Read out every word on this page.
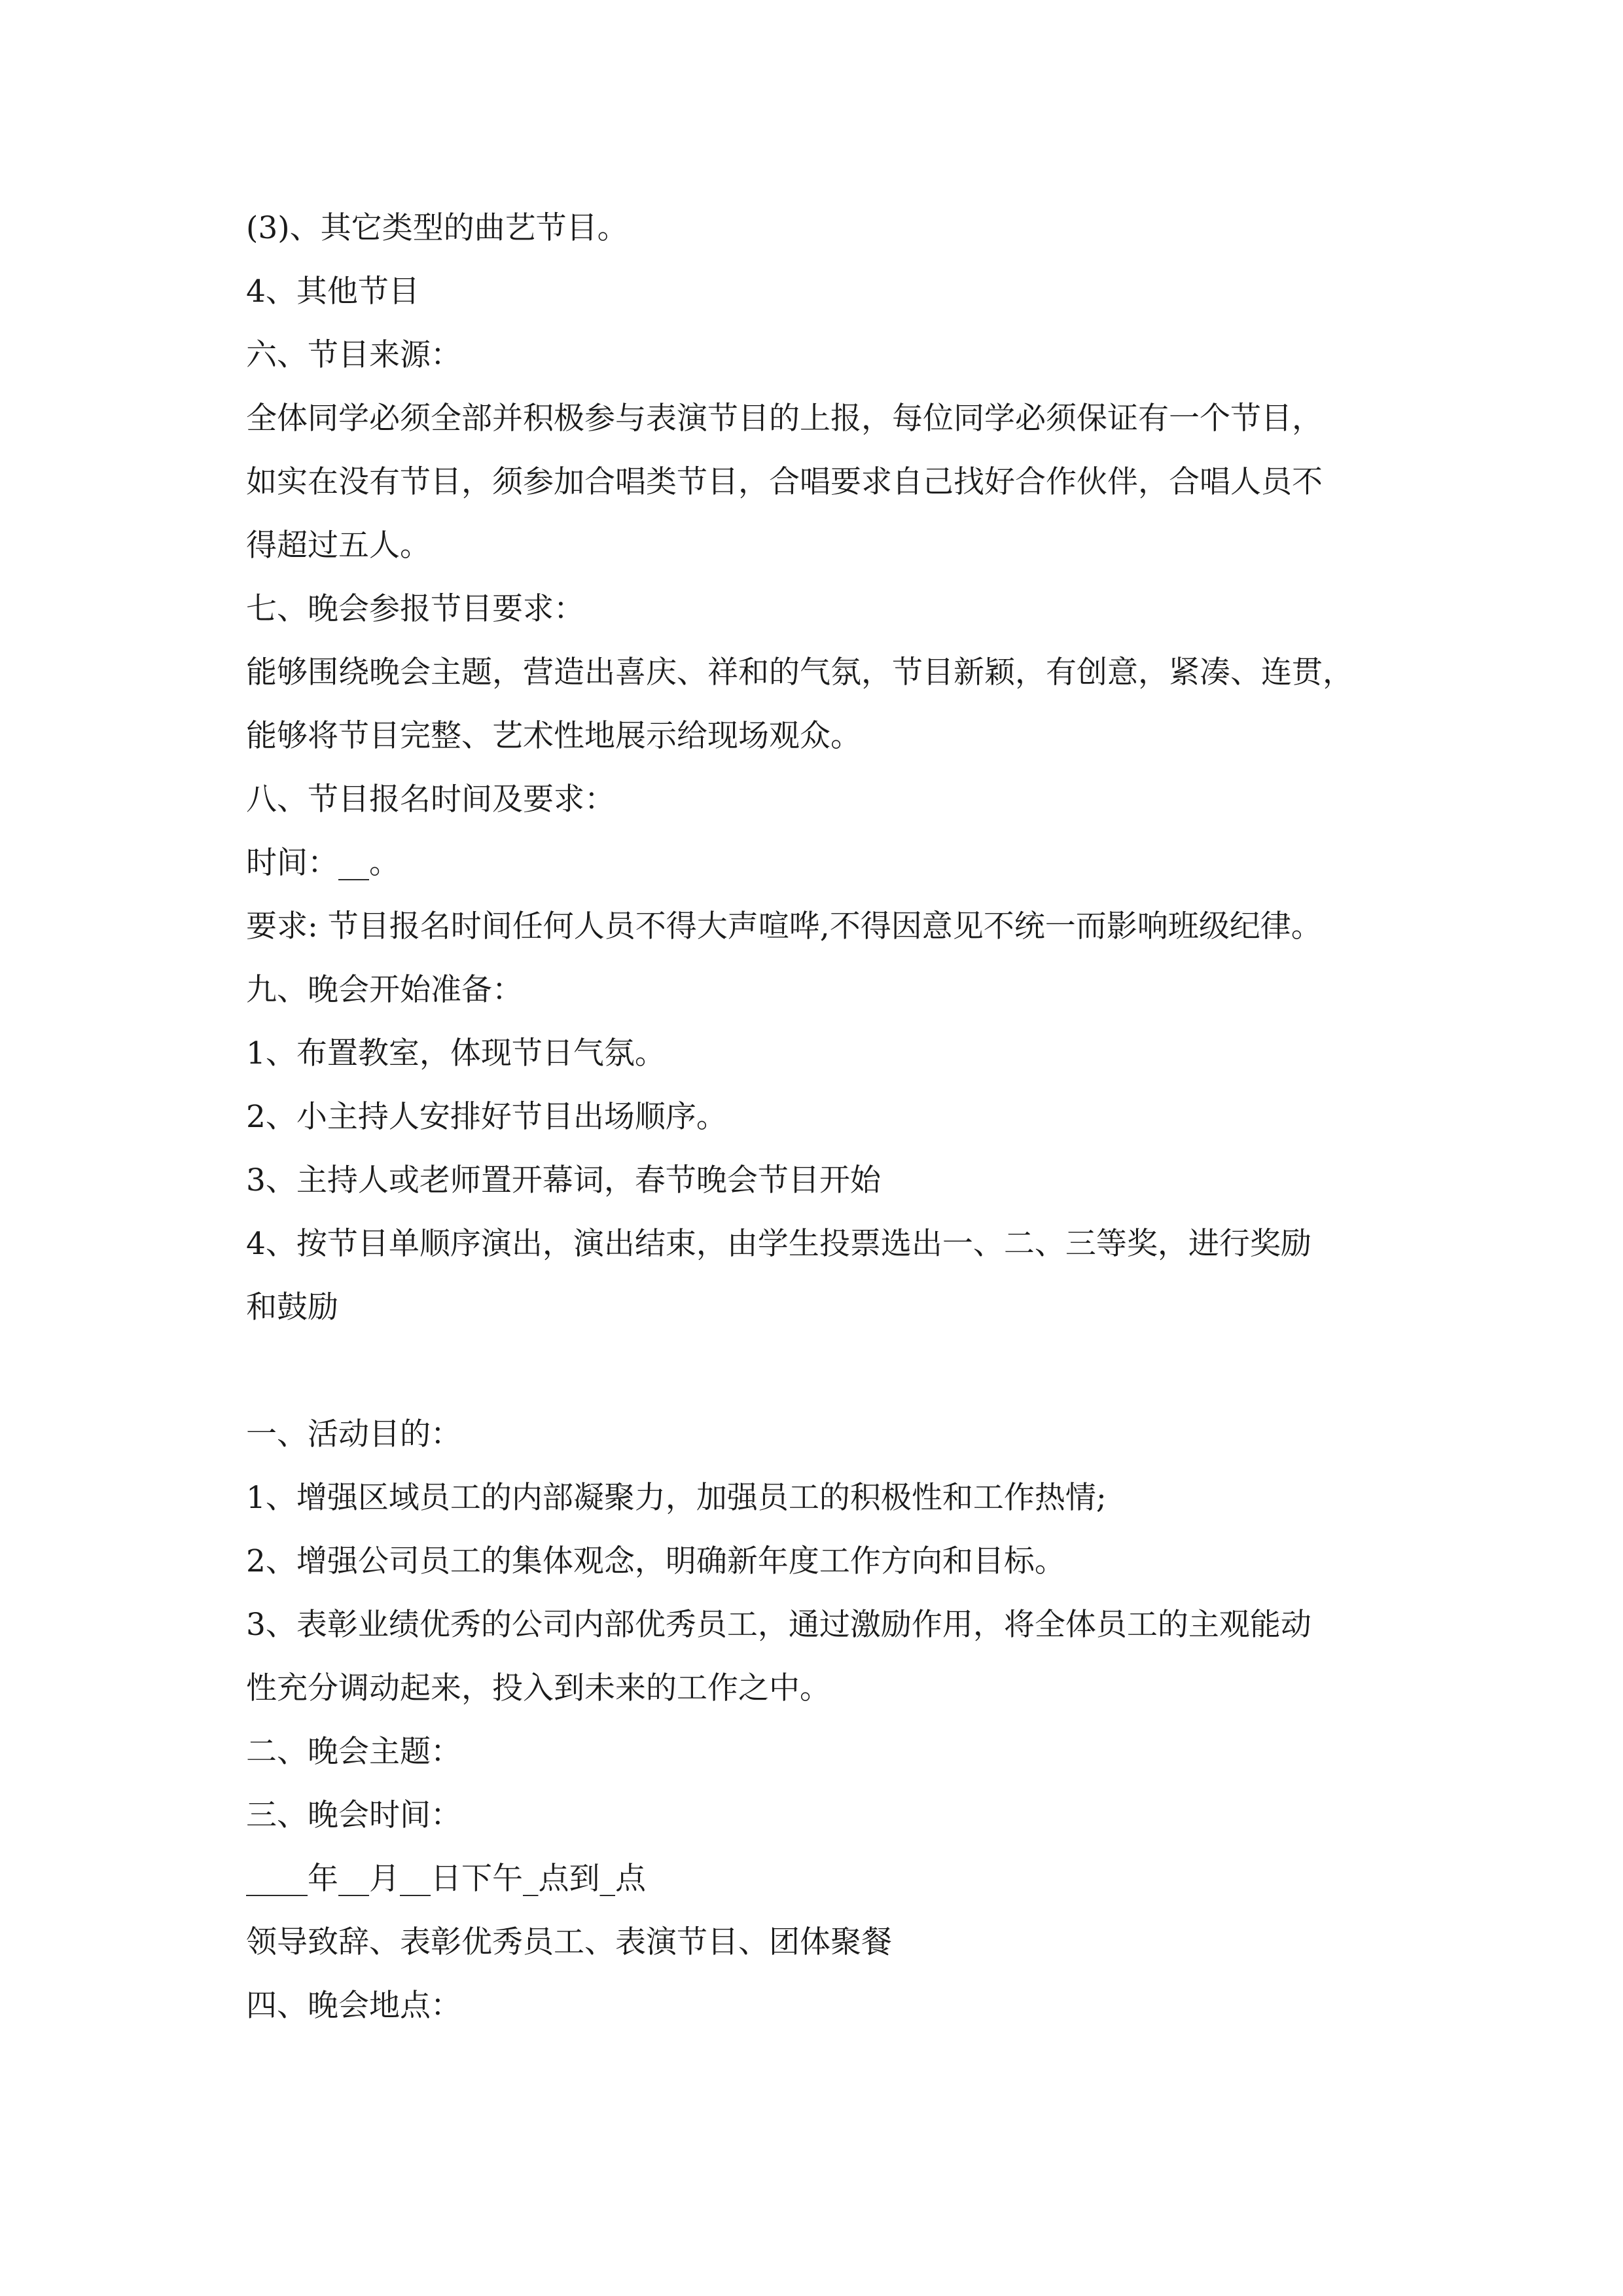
(3)、其它类型的曲艺节目。
4、其他节目
六、节目来源：
全体同学必须全部并积极参与表演节目的上报，每位同学必须保证有一个节目，
如实在没有节目，须参加合唱类节目，合唱要求自己找好合作伙伴，合唱人员不
得超过五人。
七、晚会参报节目要求：
能够围绕晚会主题，营造出喜庆、祥和的气氛，节目新颖，有创意，紧凑、连贯，
能够将节目完整、艺术性地展示给现场观众。
八、节目报名时间及要求：
时间：__。
要求: 节目报名时间任何人员不得大声喧哗,不得因意见不统一而影响班级纪律。
九、晚会开始准备：
1、布置教室，体现节日气氛。
2、小主持人安排好节目出场顺序。
3、主持人或老师置开幕词，春节晚会节目开始
4、按节目单顺序演出，演出结束，由学生投票选出一、二、三等奖，进行奖励
和鼓励
一、活动目的：
1、增强区域员工的内部凝聚力，加强员工的积极性和工作热情;
2、增强公司员工的集体观念，明确新年度工作方向和目标。
3、表彰业绩优秀的公司内部优秀员工，通过激励作用，将全体员工的主观能动
性充分调动起来，投入到未来的工作之中。
二、晚会主题：
三、晚会时间：
____年__月__日下午_点到_点
领导致辞、表彰优秀员工、表演节目、团体聚餐
四、晚会地点：
